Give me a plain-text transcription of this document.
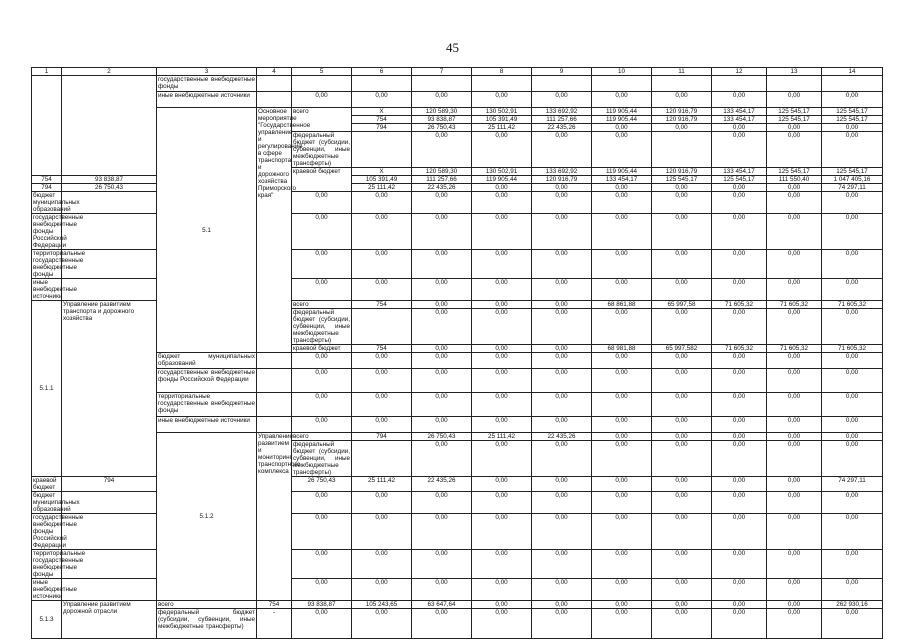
45
1	2	3	4	5	6	7	8	9	10	11	12	13	14	
		государственные внебюджетные фонды												
		иные внебюджетные источники		0,00	0,00	0,00	0,00	0,00	0,00	0,00	0,00	0,00	0,00	
		5.1	Основное мероприятие "Государственное управление и регулирование в сфере транспорта и дорожного хозяйства Приморского края"	всего	Х	120 589,30	130 502,91	133 692,92	119 905,44	120 916,79	133 454,17	125 545,17	125 545,17		
					754	93 838,87	105 391,49	111 257,66	119 905,44	120 916,79	133 454,17	125 545,17	125 545,17		
					794	26 750,43	25 111,42	22 435,26	0,00	0,00	0,00	0,00	0,00		
				федеральный бюджет (субсидии, субвенции, иные межбюджетные трансферты)		0,00	0,00	0,00	0,00		0,00	0,00	0,00		
				краевой бюджет	Х	120 589,30	130 502,91	133 692,92	119 905,44	120 916,79	133 454,17	125 545,17	125 545,17		
754	93 838,87				105 391,49	111 257,66	119 905,44	120 916,79	133 454,17	125 545,17	125 545,17	111 550,40	1 047 405,16	
794	26 750,43				25 111,42	22 435,26	0,00	0,00	0,00	0,00	0,00	0,00	74 297,11	
бюджет муниципальных образований				0,00	0,00	0,00	0,00	0,00	0,00	0,00	0,00	0,00	0,00	
государственные внебюджетные фонды Российской Федерации				0,00	0,00	0,00	0,00	0,00	0,00	0,00	0,00	0,00	0,00	
территориальные государственные внебюджетные фонды				0,00	0,00	0,00	0,00	0,00	0,00	0,00	0,00	0,00	0,00	
иные внебюджетные источники				0,00	0,00	0,00	0,00	0,00	0,00	0,00	0,00	0,00	0,00	
5.1.1	Управление развитием транспорта и дорожного хозяйства			всего	754	0,00	0,00	0,00	68 861,88	65 997,58	71 605,32	71 605,32	71 605,32		
				федеральный бюджет (субсидии, субвенции, иные межбюджетные трансферты)		0,00	0,00	0,00	0,00	0,00	0,00	0,00	0,00		
				краевой бюджет	754	0,00	0,00	0,00	68 981,88	65 997,582	71 605,32	71 605,32	71 605,32		
		бюджет муниципальных образований		0,00	0,00	0,00	0,00	0,00	0,00	0,00	0,00	0,00	0,00	
		государственные внебюджетные фонды Российской Федерации		0,00	0,00	0,00	0,00	0,00	0,00	0,00	0,00	0,00	0,00	
		территориальные государственные внебюджетные фонды		0,00	0,00	0,00	0,00	0,00	0,00	0,00	0,00	0,00	0,00	
		иные внебюджетные источники		0,00	0,00	0,00	0,00	0,00	0,00	0,00	0,00	0,00	0,00	
		5.1.2	Управление развитием и мониторинг транспортного комплекса	всего	794	26 750,43	25 111,42	22 435,26	0,00	0,00	0,00	0,00	0,00		
				федеральный бюджет (субсидии, субвенции, иные межбюджетные трансферты)		0,00	0,00	0,00	0,00	0,00	0,00	0,00	0,00		
краевой бюджет	794			26 750,43	25 111,42	22 435,26	0,00	0,00	0,00	0,00	0,00	0,00	74 297,11	
бюджет муниципальных образований				0,00	0,00	0,00	0,00	0,00	0,00	0,00	0,00	0,00	0,00	
государственные внебюджетные фонды Российской Федерации				0,00	0,00	0,00	0,00	0,00	0,00	0,00	0,00	0,00	0,00	
территориальные государственные внебюджетные фонды				0,00	0,00	0,00	0,00	0,00	0,00	0,00	0,00	0,00	0,00	
иные внебюджетные источники				0,00	0,00	0,00	0,00	0,00	0,00	0,00	0,00	0,00	0,00	
5.1.3	Управление развитием дорожной отрасли	всего	754	93 838,87	105 243,65	63 647,64	0,00	0,00	0,00	0,00	0,00	0,00	262 930,16	
		федеральный бюджет (субсидии, субвенции, иные межбюджетные трансферты)	-	0,00	0,00	0,00	0,00	0,00	0,00	0,00	0,00	0,00	0,00	
